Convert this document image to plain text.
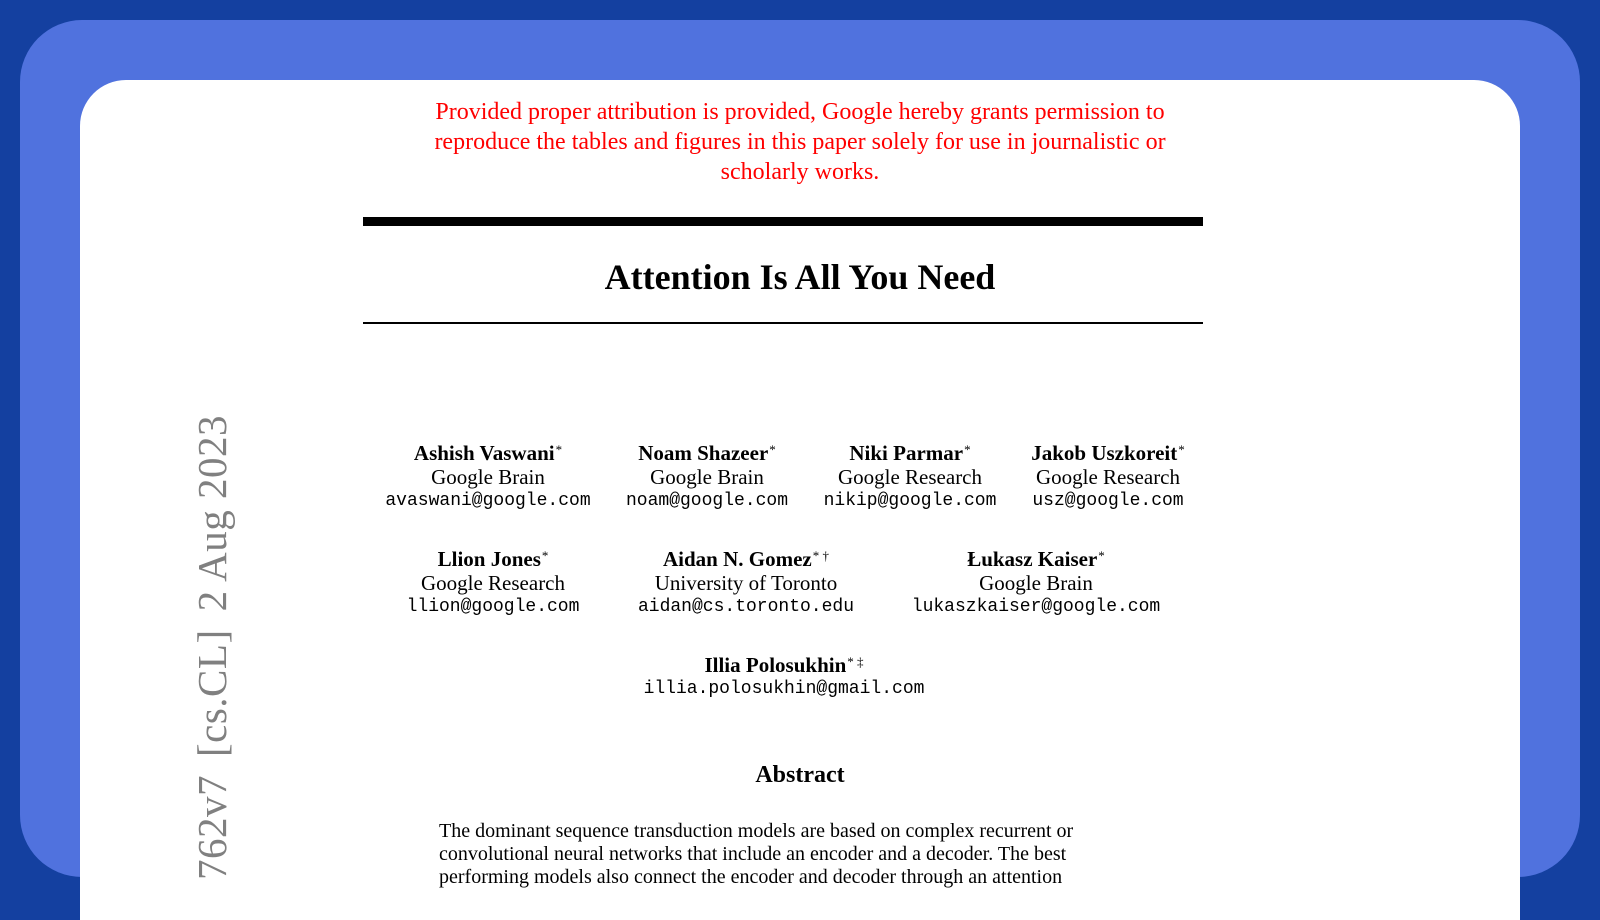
Provided proper attribution is provided, Google hereby grants permission to
reproduce the tables and figures in this paper solely for use in journalistic or
scholarly works.
Attention Is All You Need
Ashish Vaswani*
Google Brain
avaswani@google.com
Noam Shazeer*
Google Brain
noam@google.com
Niki Parmar*
Google Research
nikip@google.com
Jakob Uszkoreit*
Google Research
usz@google.com
Llion Jones*
Google Research
llion@google.com
Aidan N. Gomez* †
University of Toronto
aidan@cs.toronto.edu
Łukasz Kaiser*
Google Brain
lukaszkaiser@google.com
Illia Polosukhin* ‡
illia.polosukhin@gmail.com
Abstract
The dominant sequence transduction models are based on complex recurrent or
convolutional neural networks that include an encoder and a decoder. The best
performing models also connect the encoder and decoder through an attention
762v7[cs.CL]2 Aug 2023
